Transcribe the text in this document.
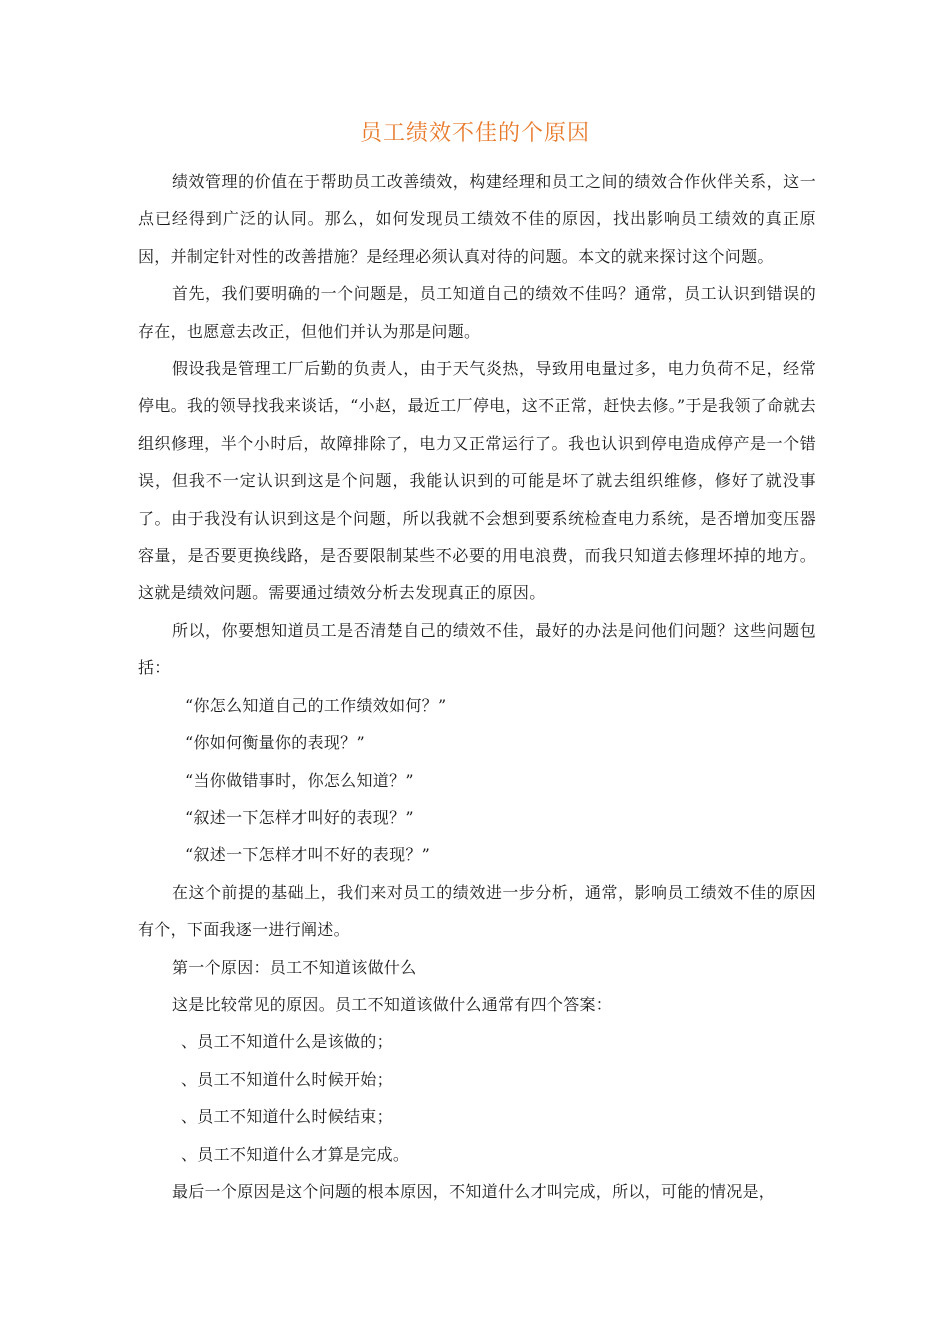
员工绩效不佳的个原因

绩效管理的价值在于帮助员工改善绩效，构建经理和员工之间的绩效合作伙伴关系，这一点已经得到广泛的认同。那么，如何发现员工绩效不佳的原因，找出影响员工绩效的真正原因，并制定针对性的改善措施？是经理必须认真对待的问题。本文的就来探讨这个问题。

首先，我们要明确的一个问题是，员工知道自己的绩效不佳吗？通常，员工认识到错误的存在，也愿意去改正，但他们并认为那是问题。

假设我是管理工厂后勤的负责人，由于天气炎热，导致用电量过多，电力负荷不足，经常停电。我的领导找我来谈话，“小赵，最近工厂停电，这不正常，赶快去修。”于是我领了命就去组织修理，半个小时后，故障排除了，电力又正常运行了。我也认识到停电造成停产是一个错误，但我不一定认识到这是个问题，我能认识到的可能是坏了就去组织维修，修好了就没事了。由于我没有认识到这是个问题，所以我就不会想到要系统检查电力系统，是否增加变压器容量，是否要更换线路，是否要限制某些不必要的用电浪费，而我只知道去修理坏掉的地方。这就是绩效问题。需要通过绩效分析去发现真正的原因。

所以，你要想知道员工是否清楚自己的绩效不佳，最好的办法是问他们问题？这些问题包括：

“你怎么知道自己的工作绩效如何？”

“你如何衡量你的表现？”

“当你做错事时，你怎么知道？”

“叙述一下怎样才叫好的表现？”

“叙述一下怎样才叫不好的表现？”

在这个前提的基础上，我们来对员工的绩效进一步分析，通常，影响员工绩效不佳的原因有个，下面我逐一进行阐述。

第一个原因：员工不知道该做什么

这是比较常见的原因。员工不知道该做什么通常有四个答案：

、员工不知道什么是该做的；

、员工不知道什么时候开始；

、员工不知道什么时候结束；

、员工不知道什么才算是完成。

最后一个原因是这个问题的根本原因，不知道什么才叫完成，所以，可能的情况是，
